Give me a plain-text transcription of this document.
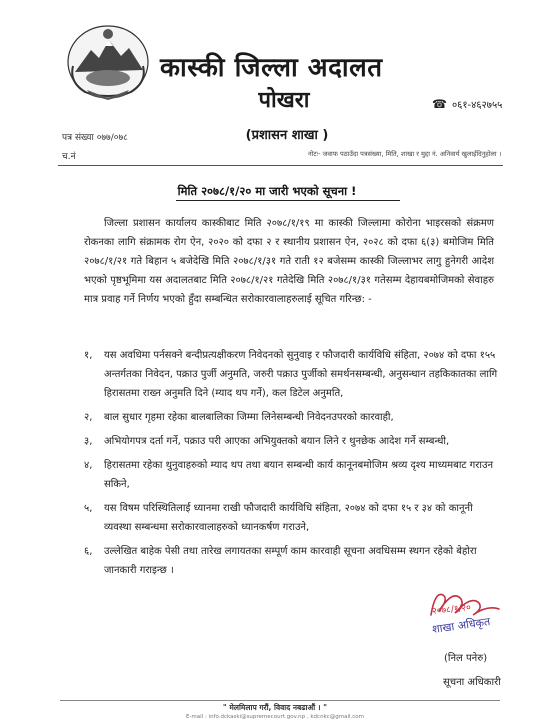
कास्की जिल्ला अदालत
पोखरा
(प्रशासन शाखा )
☎ ०६१-४६२७५५
पत्र संख्या ०७७/०७८
च.नं	नोटः- जवाफ पठाउँदा पत्रसंख्या, मिति, शाखा र मुद्दा नं. अनिवार्य खुलाईदिनुहोला ।
मिति २०७८/१/२० मा जारी भएको सूचना !
जिल्ला प्रशासन कार्यालय कास्कीबाट मिति २०७८/१/१९ मा कास्की जिल्लामा कोरोना भाइरसको संक्रमण रोकनका लागि संक्रामक रोग ऐन, २०२० को दफा २ र स्थानीय प्रशासन ऐन, २०२८ को दफा ६(३) बमोजिम मिति २०७८/१/२१ गते बिहान ५ बजेदेखि मिति २०७८/१/३१ गते राती १२ बजेसम्म कास्की जिल्लाभर लागु हुनेगरी आदेश भएको पृष्ठभूमिमा यस अदालतबाट मिति २०७८/१/२१ गतेदेखि मिति २०७८/१/३१ गतेसम्म देहायबमोजिमको सेवाहरु मात्र प्रवाह गर्ने निर्णय भएको हुँदा सम्बन्धित सरोकारवालाहरुलाई सूचित गरिन्छ: -
१,	यस अवधिमा पर्नसक्ने बन्दीप्रत्यक्षीकरण निवेदनको सुनुवाइ र फौजदारी कार्यविधि संहिता, २०७४ को दफा १५५ अन्तर्गतका निवेदन, पक्राउ पुर्जी अनुमति, जरुरी पक्राउ पुर्जीको समर्थनसम्बन्धी, अनुसन्धान तहकिकातका लागि हिरासतमा राख्न अनुमति दिने (म्याद थप गर्ने), कल डिटेल अनुमति,
२,	बाल सुधार गृहमा रहेका बालबालिका जिम्मा लिनेसम्बन्धी निवेदनउपरको कारवाही,
३,	अभियोगपत्र दर्ता गर्ने, पक्राउ परी आएका अभियुक्तको बयान लिने र थुनछेक आदेश गर्ने सम्बन्धी,
४,	हिरासतमा रहेका थुनुवाहरुको म्याद थप तथा बयान सम्बन्धी कार्य कानूनबमोजिम श्रव्य दृश्य माध्यमबाट गराउन सकिने,
५,	यस विषम परिस्थितिलाई ध्यानमा राखी फौजदारी कार्यविधि संहिता, २०७४ को दफा १५ र ३४ को कानूनी व्यवस्था सम्बन्धमा सरोकारवालाहरुको ध्यानकर्षण गराउने,
६,	उल्लेखित बाहेक पेसी तथा तारेख लगायतका सम्पूर्ण काम कारवाही सूचना अवधिसम्म स्थगन रहेको बेहोरा जानकारी गराइन्छ ।
२०७८/१/२०
शाखा अधिकृत
(निल पनेरु)
सूचना अधिकारी
" मेलमिलाप गरौं, विवाद नबढाऔं । "
E-mail : info.dckaski@supremecourt.gov.np , kdcnkc@gmail.com
